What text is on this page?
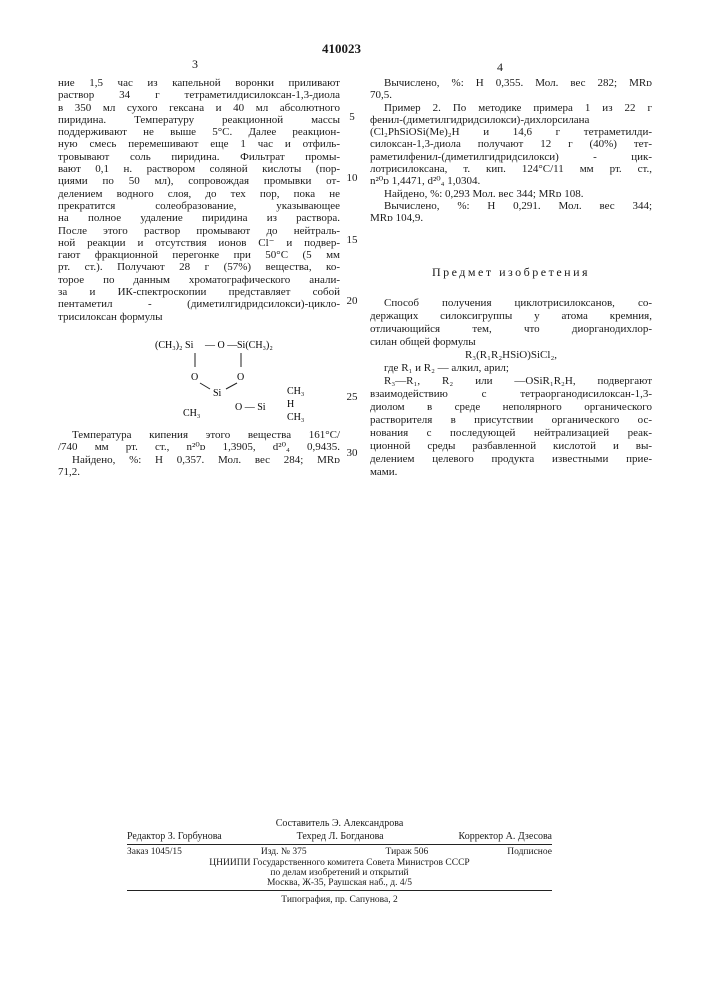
410023
3	4
ние 1,5 час из капельной воронки приливают
раствор 34 г тетраметилдисилоксан-1,3-диола
в 350 мл сухого гексана и 40 мл абсолютного
пиридина. Температуру реакционной массы
поддерживают не выше 5°С. Далее реакцион-
ную смесь перемешивают еще 1 час и отфиль-
тровывают соль пиридина. Фильтрат промы-
вают 0,1 н. раствором соляной кислоты (пор-
циями по 50 мл), сопровождая промывки от-
делением водного слоя, до тех пор, пока не
прекратится солеобразование, указывающее
на полное удаление пиридина из раствора.
После этого раствор промывают до нейтраль-
ной реакции и отсутствия ионов Cl⁻ и подвер-
гают фракционной перегонке при 50°С (5 мм
рт. ст.). Получают 28 г (57%) вещества, ко-
торое по данным хроматографического анали-
за и ИК-спектроскопии представляет собой
пентаметил - (диметилгидридсилокси)-цикло-
трисилоксан формулы
(CH₃)₂ Si — O — Si(CH₃)₂
O	O
Si
CH₃
O — Si
CH₃
H
CH₃
Температура кипения этого вещества 161°С/
/740 мм рт. ст., n²⁰ᴅ 1,3905, d²⁰₄ 0,9435.
Найдено, %: Н 0,357. Мол. вес 284; MRᴅ
71,2.
5
10
15
20
25
30
Вычислено, %: Н 0,355. Мол. вес 282; MRᴅ
70,5.
Пример 2. По методике примера 1 из 22 г
фенил-(диметилгидридсилокси)-дихлорсилана
(Cl₂PhSiOSi(Me)₂H и 14,6 г тетраметилди-
силоксан-1,3-диола получают 12 г (40%) тет-
раметилфенил-(диметилгидридсилокси) - цик-
лотрисилоксана, т. кип. 124°С/11 мм рт. ст.,
n²⁰ᴅ 1,4471, d²⁰₄ 1,0304.
Найдено, %: 0,293 Мол. вес 344; MRᴅ 108.
Вычислено, %: Н 0,291. Мол. вес 344;
MRᴅ 104,9.
Предмет изобретения
Способ получения циклотрисилоксанов, со-
держащих силоксигруппы у атома кремния,
отличающийся тем, что диорганодихлор-
силан общей формулы
R₃(R₁R₂HSiO)SiCl₂,
где R₁ и R₂ — алкил, арил;
R₃—R₁, R₂ или —OSiR₁R₂H, подвергают
взаимодействию с тетраорганодисилоксан-1,3-
диолом в среде неполярного органического
растворителя в присутствии органического ос-
нования с последующей нейтрализацией реак-
ционной среды разбавленной кислотой и вы-
делением целевого продукта известными прие-
мами.
Составитель Э. Александрова
Редактор З. Горбунова	Техред Л. Богданова	Корректор А. Дзесова
Заказ 1045/15	Изд. № 375	Тираж 506	Подписное
ЦНИИПИ Государственного комитета Совета Министров СССР
по делам изобретений и открытий
Москва, Ж-35, Раушская наб., д. 4/5
Типография, пр. Сапунова, 2
